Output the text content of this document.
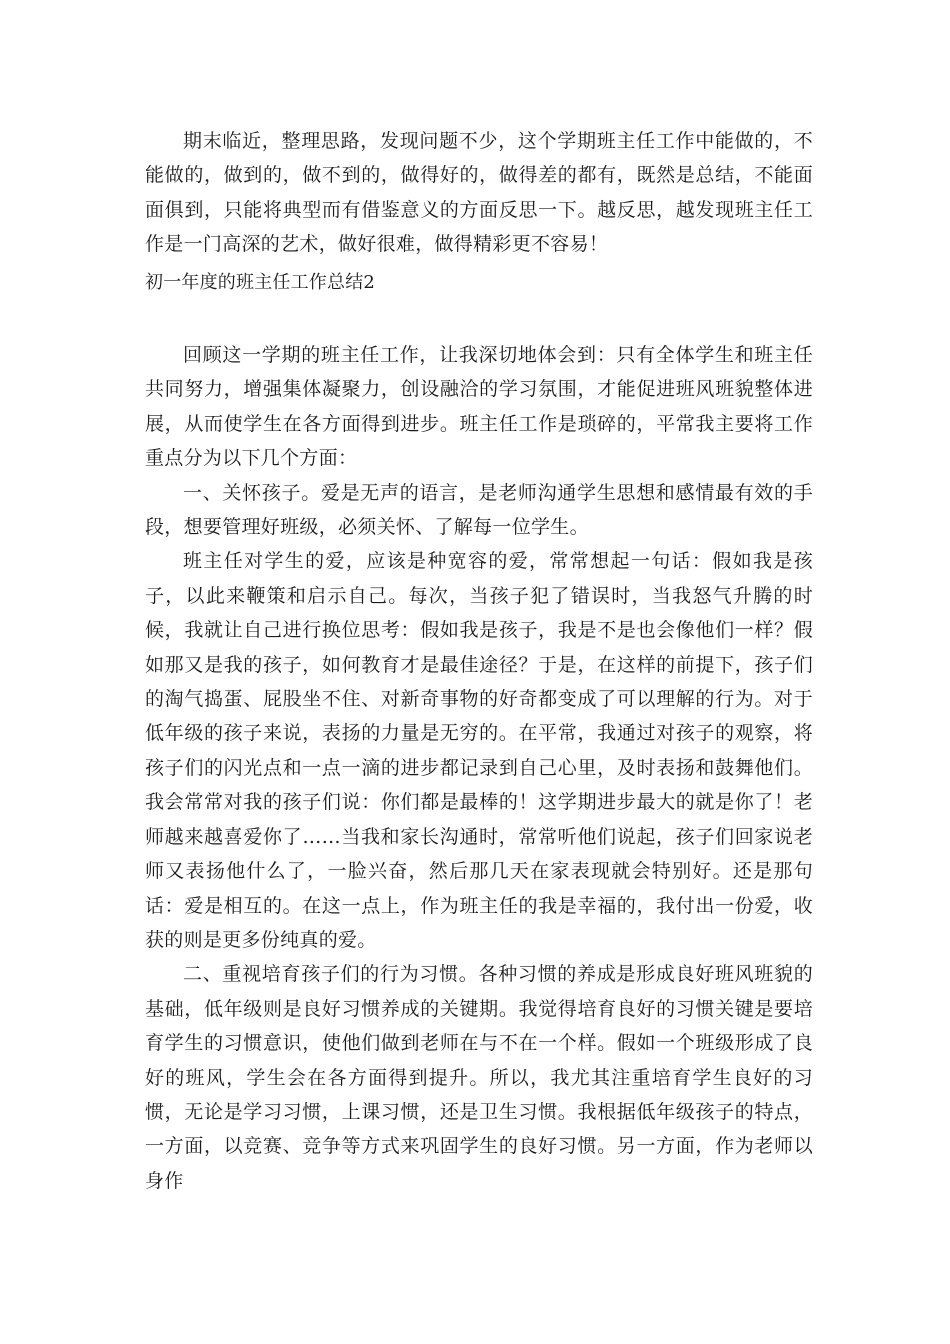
期末临近，整理思路，发现问题不少，这个学期班主任工作中能做的，不能做的，做到的，做不到的，做得好的，做得差的都有，既然是总结，不能面面俱到，只能将典型而有借鉴意义的方面反思一下。越反思，越发现班主任工作是一门高深的艺术，做好很难，做得精彩更不容易！

初一年度的班主任工作总结2

回顾这一学期的班主任工作，让我深切地体会到：只有全体学生和班主任共同努力，增强集体凝聚力，创设融洽的学习氛围，才能促进班风班貌整体进展，从而使学生在各方面得到进步。班主任工作是琐碎的，平常我主要将工作重点分为以下几个方面：

一、关怀孩子。爱是无声的语言，是老师沟通学生思想和感情最有效的手段，想要管理好班级，必须关怀、了解每一位学生。

班主任对学生的爱，应该是种宽容的爱，常常想起一句话：假如我是孩子，以此来鞭策和启示自己。每次，当孩子犯了错误时，当我怒气升腾的时候，我就让自己进行换位思考：假如我是孩子，我是不是也会像他们一样？假如那又是我的孩子，如何教育才是最佳途径？于是，在这样的前提下，孩子们的淘气捣蛋、屁股坐不住、对新奇事物的好奇都变成了可以理解的行为。对于低年级的孩子来说，表扬的力量是无穷的。在平常，我通过对孩子的观察，将孩子们的闪光点和一点一滴的进步都记录到自己心里，及时表扬和鼓舞他们。我会常常对我的孩子们说：你们都是最棒的！这学期进步最大的就是你了！老师越来越喜爱你了……当我和家长沟通时，常常听他们说起，孩子们回家说老师又表扬他什么了，一脸兴奋，然后那几天在家表现就会特别好。还是那句话：爱是相互的。在这一点上，作为班主任的我是幸福的，我付出一份爱，收获的则是更多份纯真的爱。

二、重视培育孩子们的行为习惯。各种习惯的养成是形成良好班风班貌的基础，低年级则是良好习惯养成的关键期。我觉得培育良好的习惯关键是要培育学生的习惯意识，使他们做到老师在与不在一个样。假如一个班级形成了良好的班风，学生会在各方面得到提升。所以，我尤其注重培育学生良好的习惯，无论是学习习惯，上课习惯，还是卫生习惯。我根据低年级孩子的特点，一方面，以竞赛、竞争等方式来巩固学生的良好习惯。另一方面，作为老师以身作
